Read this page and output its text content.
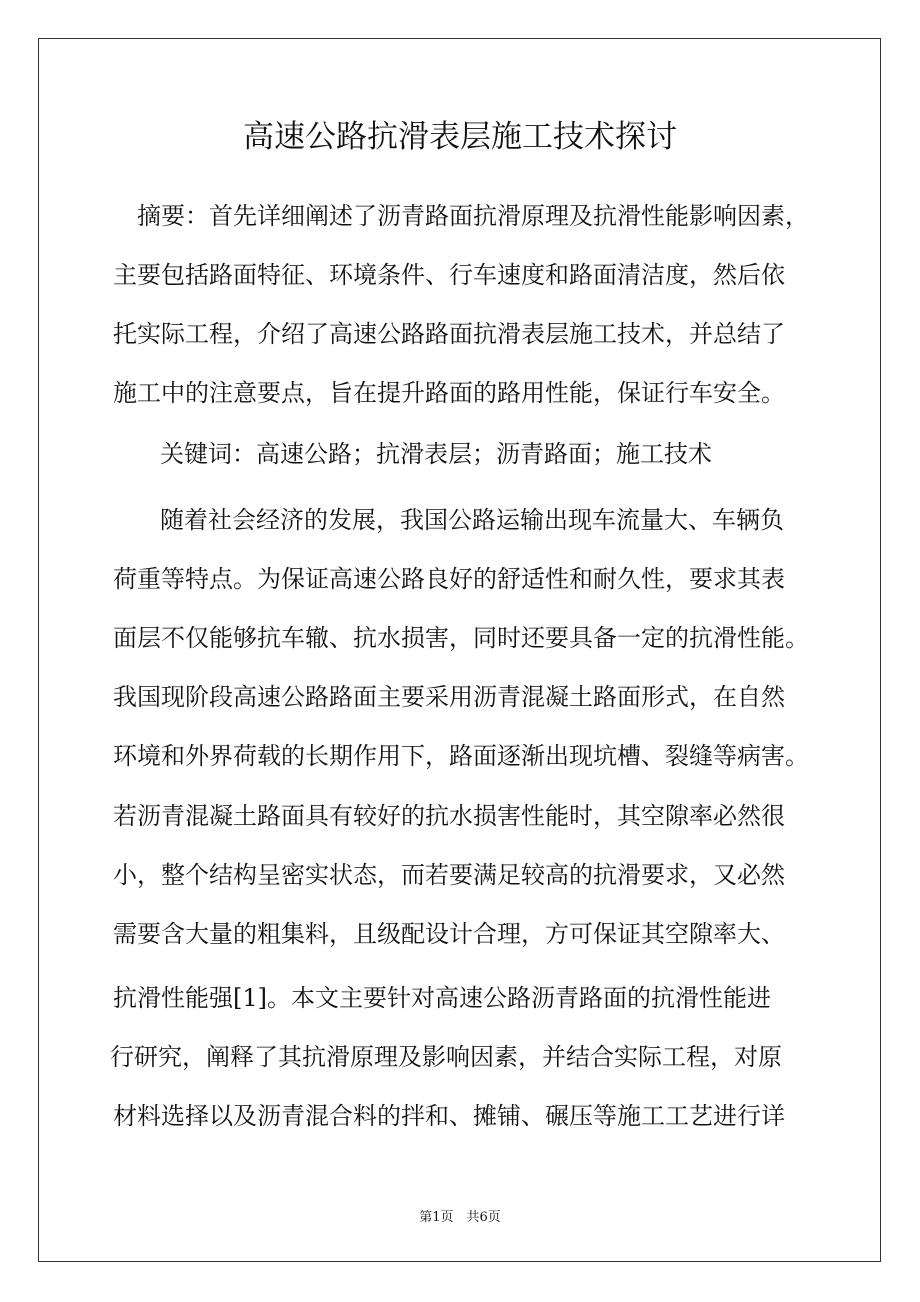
高速公路抗滑表层施工技术探讨
摘要：首先详细阐述了沥青路面抗滑原理及抗滑性能影响因素，
主要包括路面特征、环境条件、行车速度和路面清洁度，然后依
托实际工程，介绍了高速公路路面抗滑表层施工技术，并总结了
施工中的注意要点，旨在提升路面的路用性能，保证行车安全。
关键词：高速公路；抗滑表层；沥青路面；施工技术
随着社会经济的发展，我国公路运输出现车流量大、车辆负
荷重等特点。为保证高速公路良好的舒适性和耐久性，要求其表
面层不仅能够抗车辙、抗水损害，同时还要具备一定的抗滑性能。
我国现阶段高速公路路面主要采用沥青混凝土路面形式，在自然
环境和外界荷载的长期作用下，路面逐渐出现坑槽、裂缝等病害。
若沥青混凝土路面具有较好的抗水损害性能时，其空隙率必然很
小，整个结构呈密实状态，而若要满足较高的抗滑要求，又必然
需要含大量的粗集料，且级配设计合理，方可保证其空隙率大、
抗滑性能强[1]。本文主要针对高速公路沥青路面的抗滑性能进
行研究，阐释了其抗滑原理及影响因素，并结合实际工程，对原
材料选择以及沥青混合料的拌和、摊铺、碾压等施工工艺进行详
第1页　共6页
